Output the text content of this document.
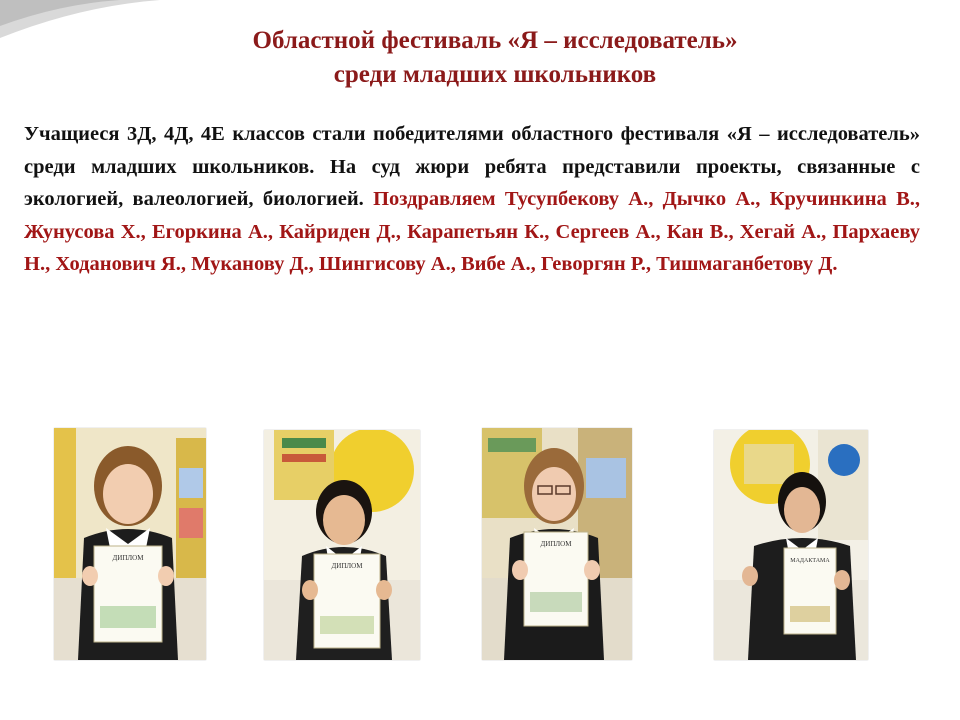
Областной фестиваль «Я – исследователь»
среди младших школьников
Учащиеся 3Д, 4Д, 4Е классов стали победителями областного фестиваля «Я – исследователь» среди младших школьников. На суд жюри ребята представили проекты, связанные с экологией, валеологией, биологией. Поздравляем Тусупбекову А., Дычко А., Кручинкина В., Жунусова Х., Егоркина А., Кайриден Д., Карапетьян К., Сергеев А., Кан В., Хегай А., Пархаеву Н., Ходанович Я., Муканову Д., Шингисову А., Вибе А., Геворгян Р., Тишмаганбетову Д.
ДИПЛОМ
ДИПЛОМ
ДИПЛОМ
МАДАКТАМА
